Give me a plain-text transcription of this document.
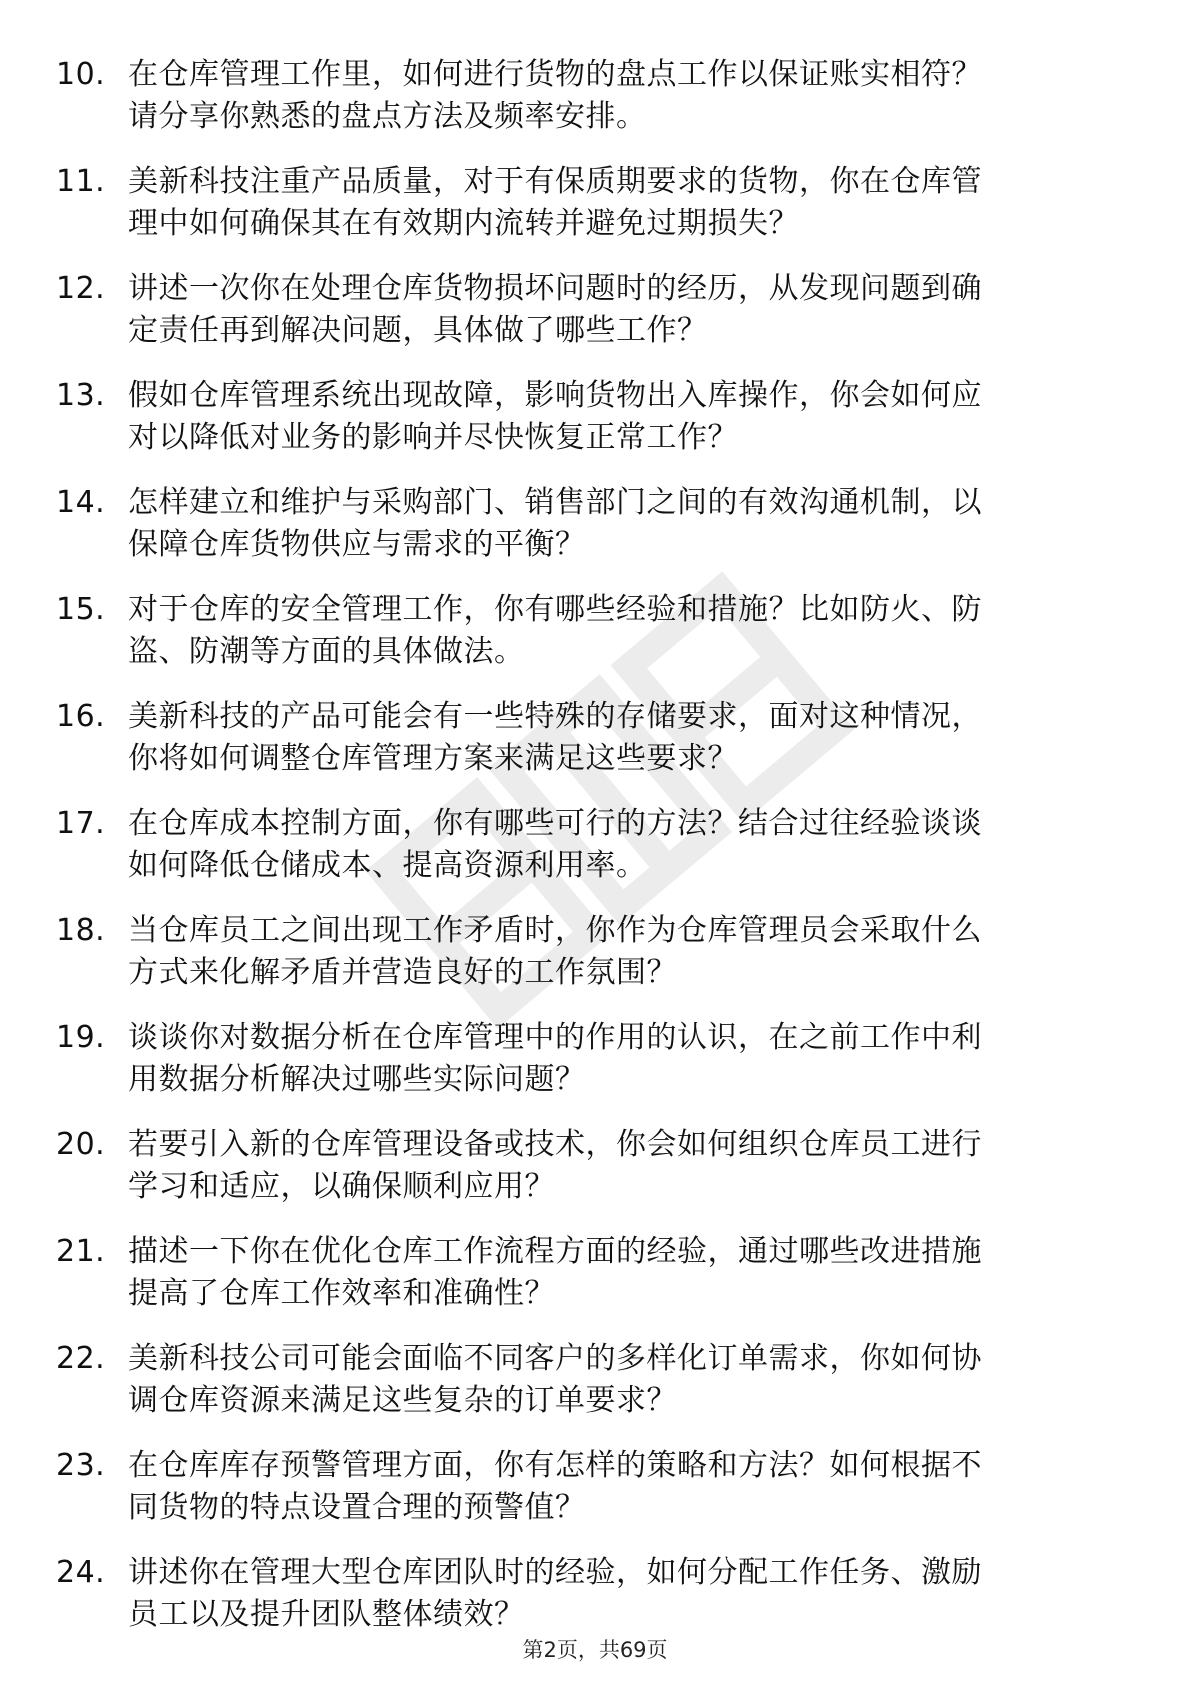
10. 在仓库管理工作里，如何进行货物的盘点工作以保证账实相符？
请分享你熟悉的盘点方法及频率安排。
11. 美新科技注重产品质量，对于有保质期要求的货物，你在仓库管
理中如何确保其在有效期内流转并避免过期损失？
12. 讲述一次你在处理仓库货物损坏问题时的经历，从发现问题到确
定责任再到解决问题，具体做了哪些工作？
13. 假如仓库管理系统出现故障，影响货物出入库操作，你会如何应
对以降低对业务的影响并尽快恢复正常工作？
14. 怎样建立和维护与采购部门、销售部门之间的有效沟通机制，以
保障仓库货物供应与需求的平衡？
15. 对于仓库的安全管理工作，你有哪些经验和措施？比如防火、防
盗、防潮等方面的具体做法。
16. 美新科技的产品可能会有一些特殊的存储要求，面对这种情况，
你将如何调整仓库管理方案来满足这些要求？
17. 在仓库成本控制方面，你有哪些可行的方法？结合过往经验谈谈
如何降低仓储成本、提高资源利用率。
18. 当仓库员工之间出现工作矛盾时，你作为仓库管理员会采取什么
方式来化解矛盾并营造良好的工作氛围？
19. 谈谈你对数据分析在仓库管理中的作用的认识，在之前工作中利
用数据分析解决过哪些实际问题？
20. 若要引入新的仓库管理设备或技术，你会如何组织仓库员工进行
学习和适应，以确保顺利应用？
21. 描述一下你在优化仓库工作流程方面的经验，通过哪些改进措施
提高了仓库工作效率和准确性？
22. 美新科技公司可能会面临不同客户的多样化订单需求，你如何协
调仓库资源来满足这些复杂的订单要求？
23. 在仓库库存预警管理方面，你有怎样的策略和方法？如何根据不
同货物的特点设置合理的预警值？
24. 讲述你在管理大型仓库团队时的经验，如何分配工作任务、激励
员工以及提升团队整体绩效？
第2页，共69页
